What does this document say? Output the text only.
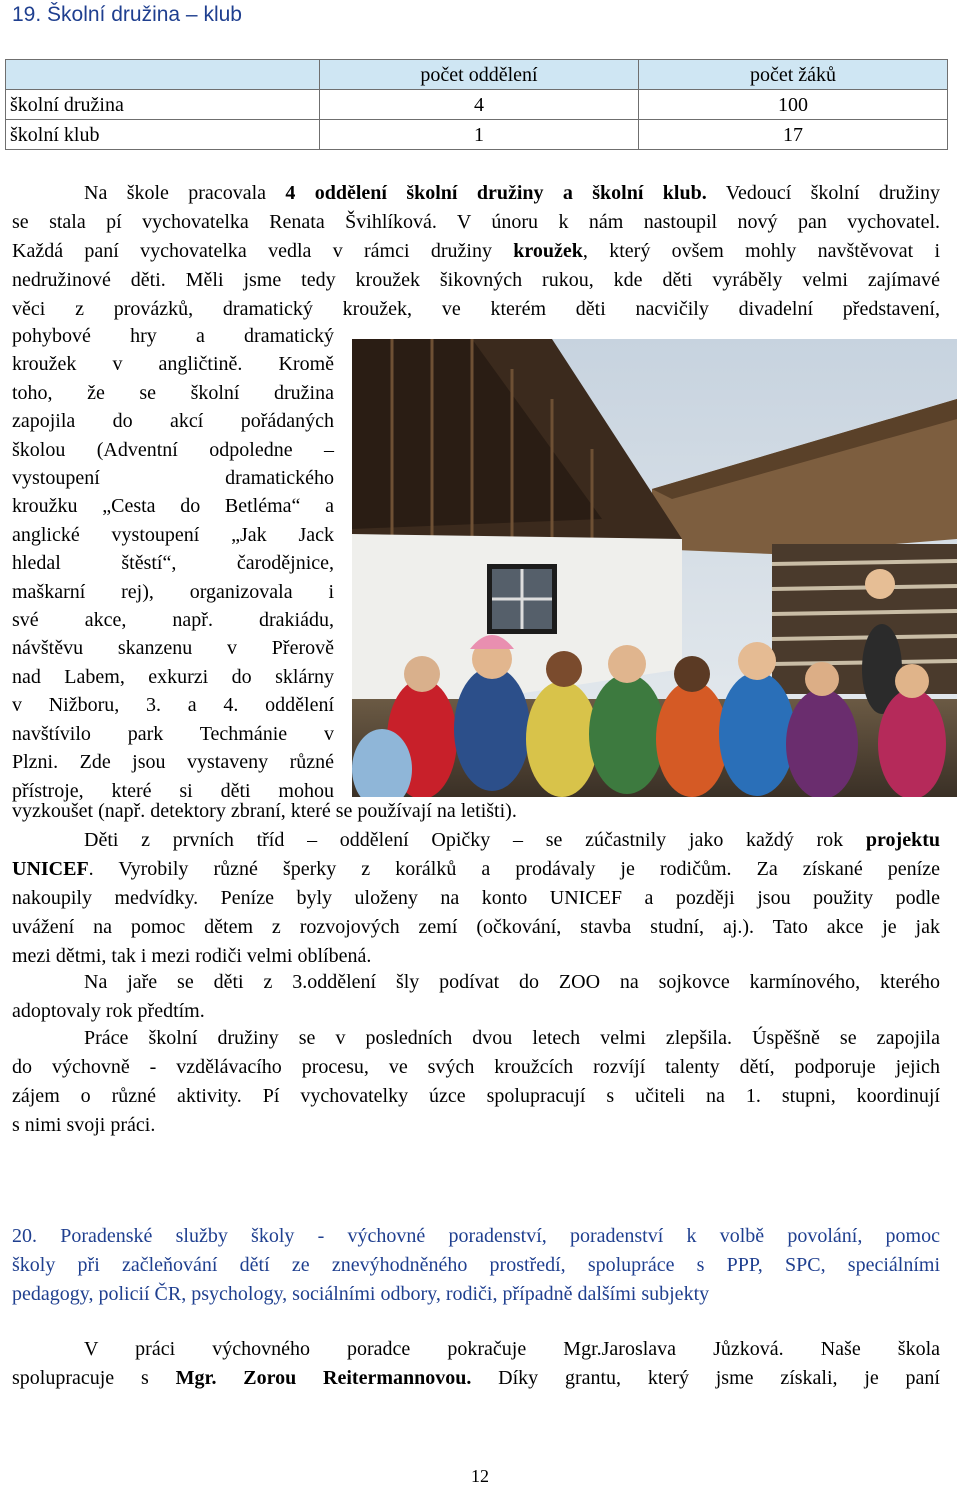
19. Školní družina – klub
	počet oddělení	počet žáků
školní družina	4	100
školní klub	1	17
Na škole pracovala 4 oddělení školní družiny a školní klub. Vedoucí školní družiny
se stala pí vychovatelka Renata Švihlíková. V únoru k nám nastoupil nový pan vychovatel.
Každá paní vychovatelka vedla v rámci družiny kroužek, který ovšem mohly navštěvovat i
nedružinové děti. Měli jsme tedy kroužek šikovných rukou, kde děti vyráběly velmi zajímavé
věci z provázků, dramatický kroužek, ve kterém děti nacvičily divadelní představení,
pohybové hry a dramatický
kroužek v angličtině. Kromě
toho, že se školní družina
zapojila do akcí pořádaných
školou (Adventní odpoledne –
vystoupení dramatického
kroužku „Cesta do Betléma“ a
anglické vystoupení „Jak Jack
hledal štěstí“, čarodějnice,
maškarní rej), organizovala i
své akce, např. drakiádu,
návštěvu skanzenu v Přerově
nad Labem, exkurzi do sklárny
v Nižboru, 3. a 4. oddělení
navštívilo park Techmánie v
Plzni. Zde jsou vystaveny různé
přístroje, které si děti mohou
vyzkoušet (např. detektory zbraní, které se používají na letišti).
Děti z prvních tříd – oddělení Opičky – se zúčastnily jako každý rok projektu
UNICEF. Vyrobily různé šperky z korálků a prodávaly je rodičům. Za získané peníze
nakoupily medvídky. Peníze byly uloženy na konto UNICEF a později jsou použity podle
uvážení na pomoc dětem z rozvojových zemí (očkování, stavba studní, aj.). Tato akce je jak
mezi dětmi, tak i mezi rodiči velmi oblíbená.
Na jaře se děti z 3.oddělení šly podívat do ZOO na sojkovce karmínového, kterého
adoptovaly rok předtím.
Práce školní družiny se v posledních dvou letech velmi zlepšila. Úspěšně se zapojila
do výchovně - vzdělávacího procesu, ve svých kroužcích rozvíjí talenty dětí, podporuje jejich
zájem o různé aktivity. Pí vychovatelky úzce spolupracují s učiteli na 1. stupni, koordinují
s nimi svoji práci.
20. Poradenské služby školy - výchovné poradenství, poradenství k volbě povolání, pomoc
školy při začleňování dětí ze znevýhodněného prostředí, spolupráce s PPP, SPC, speciálními
pedagogy, policií ČR, psychology, sociálními odbory, rodiči, případně dalšími subjekty
V práci výchovného poradce pokračuje Mgr.Jaroslava Jůzková. Naše škola
spolupracuje s Mgr. Zorou Reitermannovou. Díky grantu, který jsme získali, je paní
12
